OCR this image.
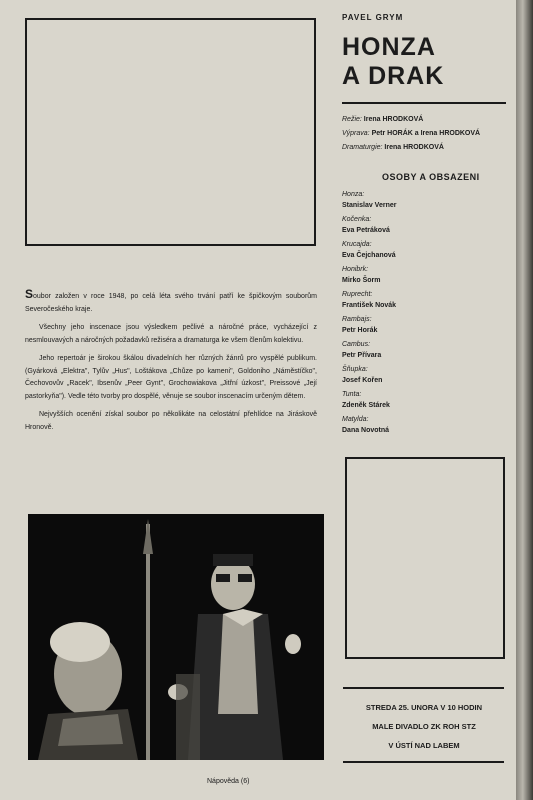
PAVEL GRYM
HONZA
A DRAK
Režie: Irena HRODKOVÁ
Výprava: Petr HORÁK a Irena HRODKOVÁ
Dramaturgie: Irena HRODKOVÁ
OSOBY A OBSAZENI
Honza:
Stanislav Verner
Kočenka:
Eva Petráková
Krucajda:
Eva Čejchanová
Honibrk:
Mirko Šorm
Ruprecht:
František Novák
Rambajs:
Petr Horák
Cambus:
Petr Přívara
Šňupka:
Josef Kořen
Tunta:
Zdeněk Stárek
Matylda:
Dana Novotná

Soubor založen v roce 1948, po celá léta svého trvání patří ke špičkovým souborům Severočeského kraje.

Všechny jeho inscenace jsou výsledkem pečlivé a náročné práce, vycházející z nesmlouvavých a náročných požadavků režiséra a dramaturga ke všem členům kolektivu.

Jeho repertoár je širokou škálou divadelních her různých žánrů pro vyspělé publikum. (Gyárková „Elektra", Tylův „Hus", Loštákova „Chůze po kameni", Goldoniho „Náměstíčko", Čechovovův „Racek", Ibsenův „Peer Gynt", Grochowiakova „Jitřní úzkost", Preissové „Její pastorkyňa"). Vedle této tvorby pro dospělé, věnuje se soubor inscenacím určeným dětem.

Nejvyšších ocenění získal soubor po několikáte na celostátní přehlídce na Jiráskově Hronově.

STREDA 25. UNORA V 10 HODIN
MALE DIVADLO ZK ROH STZ
V ÚSTÍ NAD LABEM
Nápověda (6)
